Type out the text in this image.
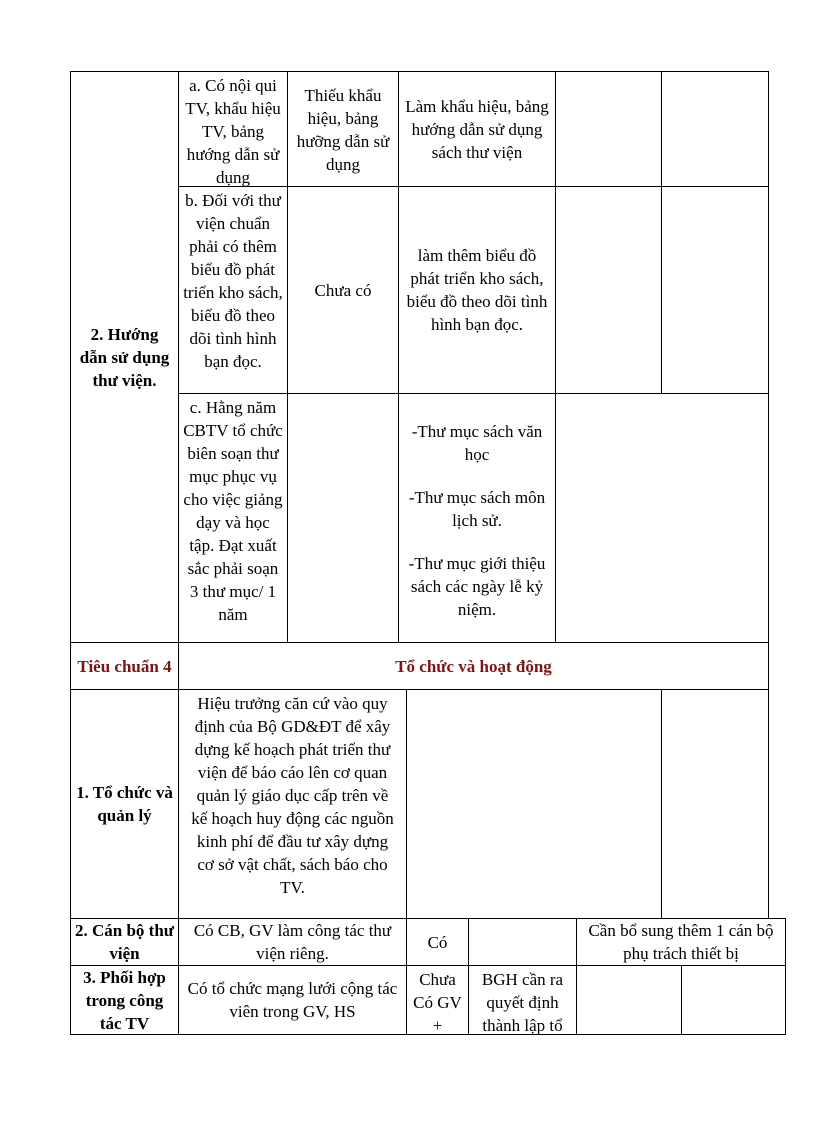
2. Hướng dẫn sử dụng thư viện.
a. Có nội qui TV, khẩu hiệu TV, bảng hướng dẫn sử dụng
Thiếu khẩu hiệu, bảng hưỡng dẫn sử dụng
Làm khẩu hiệu, bảng hướng dẫn sử dụng sách thư viện
b. Đối với thư viện chuẩn phải có thêm biểu đồ phát triển kho sách, biểu đồ theo dõi tình hình bạn đọc.
Chưa có
làm thêm biểu đồ phát triển kho sách, biểu đồ theo dõi tình hình bạn đọc.
c. Hằng năm CBTV tổ chức biên soạn thư mục phục vụ cho việc giảng dạy và học tập. Đạt xuất sắc phải soạn 3 thư mục/ 1 năm
-Thư mục sách văn học
-Thư mục sách môn lịch sử.
-Thư mục giới thiệu sách các ngày lễ kỷ niệm.
Tiêu chuẩn 4	Tổ chức và hoạt động
1. Tổ chức và quản lý
Hiệu trưởng căn cứ vào quy định của Bộ GD&ĐT để xây dựng kế hoạch phát triển thư viện để báo cáo lên cơ quan quản lý giáo dục cấp trên về kế hoạch huy động các nguồn kinh phí để đầu tư xây dựng cơ sở vật chất, sách báo cho TV.
2. Cán bộ thư viện
Có CB, GV làm công tác thư viện riêng.
Có
Cần bổ sung thêm 1 cán bộ phụ trách thiết bị
3. Phối hợp trong công tác TV
Có tổ chức mạng lưới cộng tác viên trong GV, HS
Chưa Có GV +
BGH cần ra quyết định thành lập tổ
